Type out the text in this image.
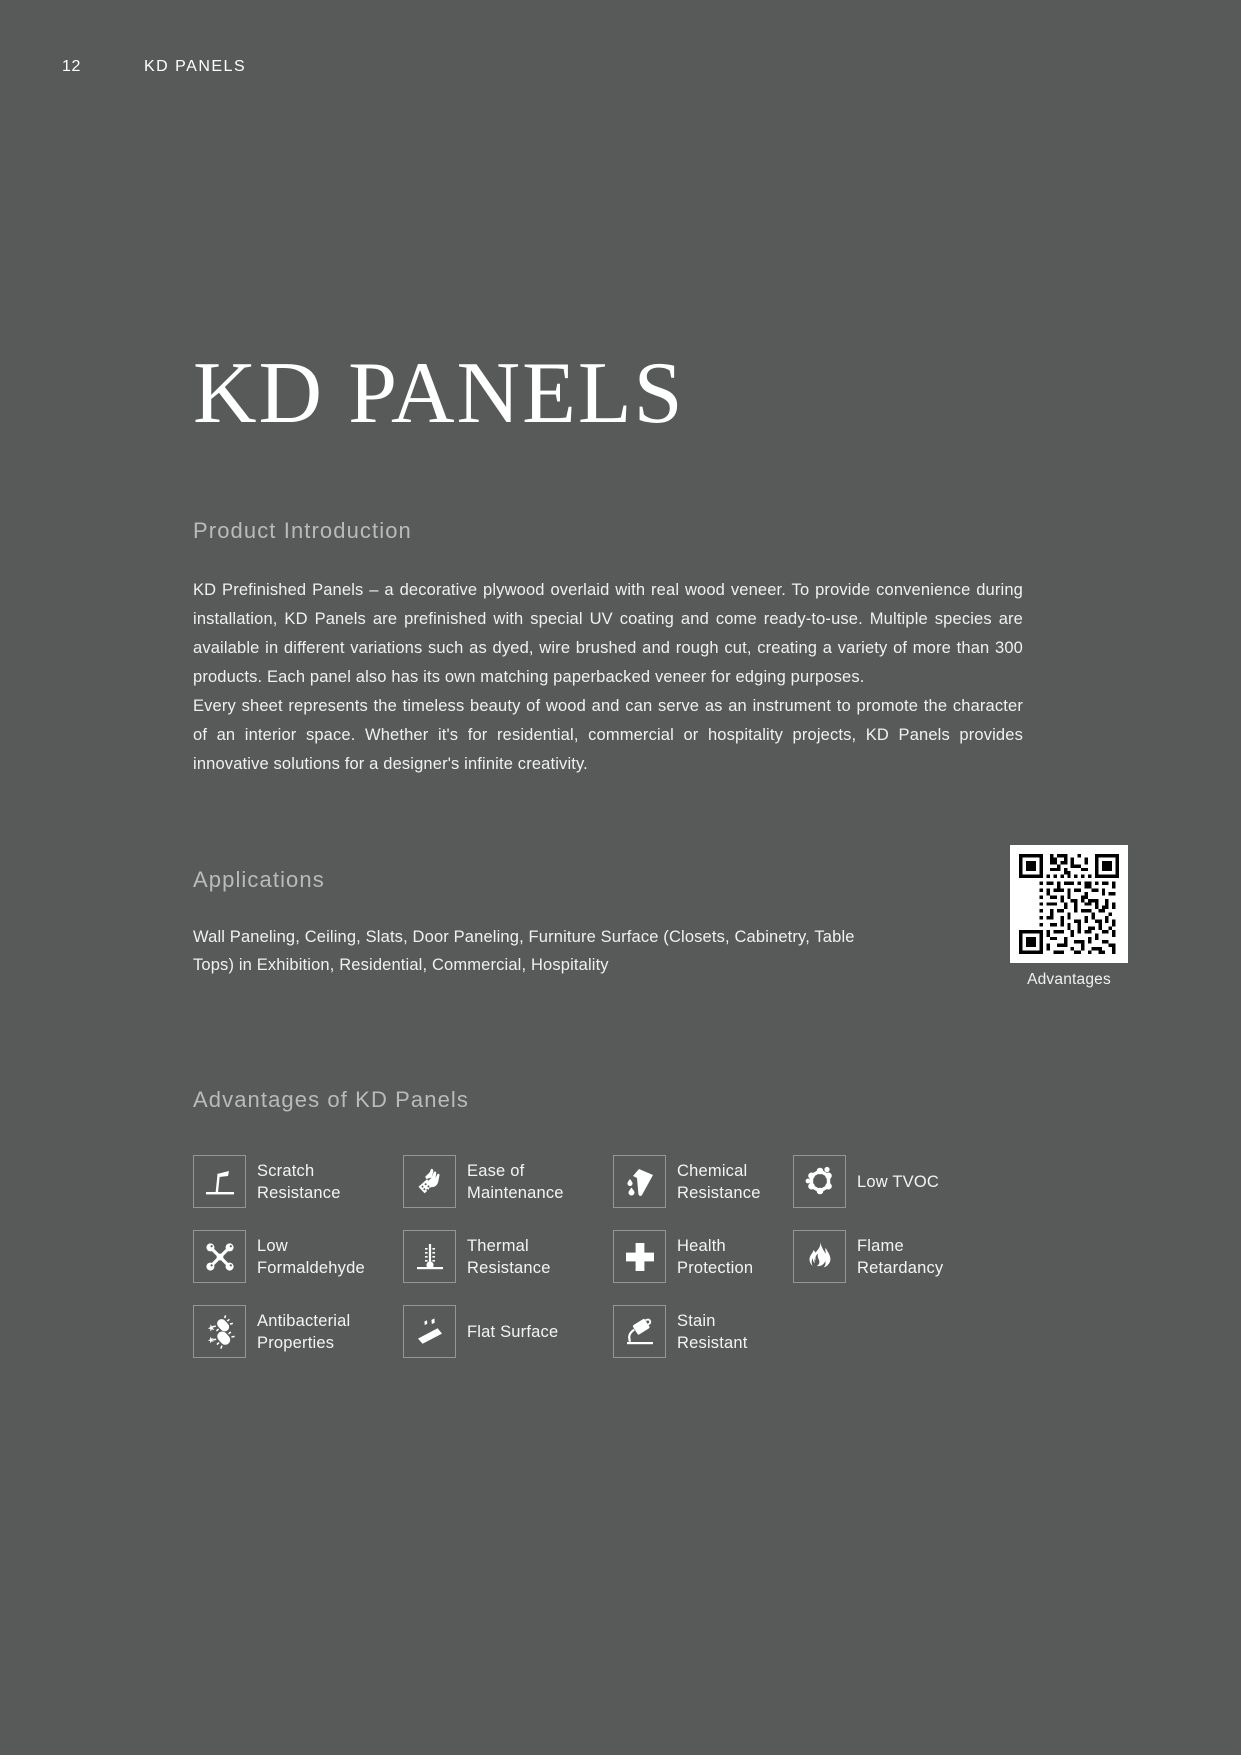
12	KD PANELS
KD PANELS
Product Introduction

KD Prefinished Panels – a decorative plywood overlaid with real wood veneer. To provide convenience during installation, KD Panels are prefinished with special UV coating and come ready-to-use. Multiple species are available in different variations such as dyed, wire brushed and rough cut, creating a variety of more than 300 products. Each panel also has its own matching paperbacked veneer for edging purposes.

Every sheet represents the timeless beauty of wood and can serve as an instrument to promote the character of an interior space. Whether it's for residential, commercial or hospitality projects, KD Panels provides innovative solutions for a designer's infinite creativity.

Applications

Wall Paneling, Ceiling, Slats, Door Paneling, Furniture Surface (Closets, Cabinetry, Table Tops) in Exhibition, Residential, Commercial, Hospitality

Advantages
Advantages of KD Panels
Scratch
Resistance
Ease of
Maintenance
Chemical
Resistance
Low TVOC
Low
Formaldehyde
Thermal
Resistance
Health
Protection
Flame
Retardancy
Antibacterial
Properties
Flat Surface
Stain
Resistant
